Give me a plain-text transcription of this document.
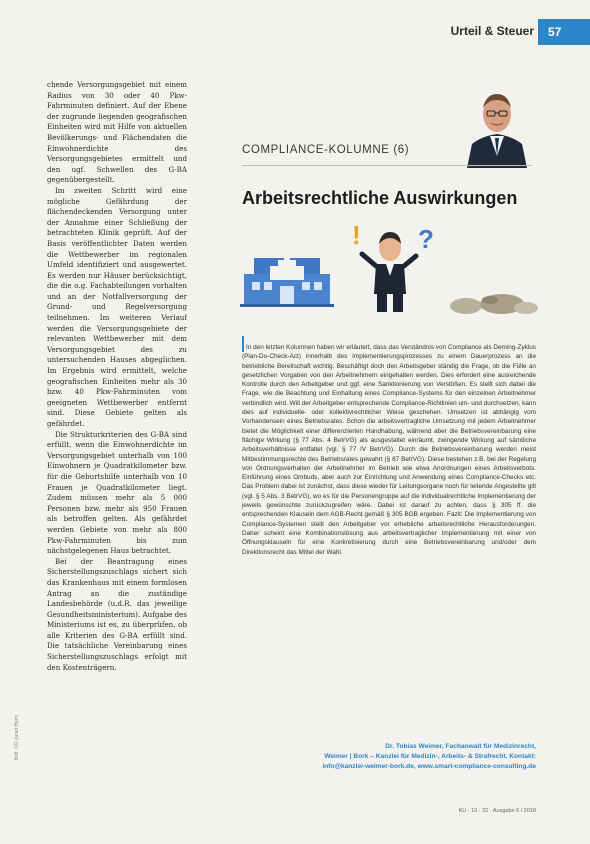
Urteil & Steuer 57

chende Versorgungsgebiet mit einem Radius von 30 oder 40 Pkw-Fahrminuten definiert. Auf der Ebene der zugrunde liegenden geografischen Einheiten wird mit Hilfe von aktuellen Bevölkerungs- und Flächendaten die Einwohnerdichte des Versorgungsgebietes ermittelt und den ugf. Schwellen des G-BA gegenübergestellt.

Im zweiten Schritt wird eine mögliche Gefährdung der flächendeckenden Versorgung unter der Annahme einer Schließung der betrachteten Klinik geprüft. Auf der Basis veröffentlichter Daten werden die Wettbewerber im regionalen Umfeld identifiziert und ausgewertet. Es werden nur Häuser berücksichtigt, die die o.g. Fachabteilungen vorhalten und an der Notfallversorgung der Grund- und Regelversorgung teilnehmen. Im weiteren Verlauf werden die Versorgungsgebiete der relevanten Wettbewerber mit dem Versorgungsgebiet des zu untersuchenden Hauses abgeglichen. Im Ergebnis wird ermittelt, welche geografischen Einheiten mehr als 30 bzw. 40 Pkw-Fahrminuten vom geeigneten Wettbewerber entfernt sind. Diese Gebiete gelten als gefährdet.

Die Strukturkriterien des G-BA sind erfüllt, wenn die Einwohnerdichte im Versorgungsgebiet unterhalb von 100 Einwohnern je Quadratkilometer bzw. für die Geburtshilfe unterhalb von 10 Frauen je Quadratkilometer liegt. Zudem müssen mehr als 5 000 Personen bzw. mehr als 950 Frauen als betroffen gelten. Als gefährdet werden Gebiete von mehr als 800 Pkw-Fahrminuten bis zum nächstgelegenen Haus betrachtet.

Bei der Beantragung eines Sicherstellungszuschlags sichert sich das Krankenhaus mit einem formlosen Antrag an die zuständige Landesbehörde (u.d.R. das jeweilige Gesundheitsministerium). Aufgabe des Ministeriums ist es, zu überprüfen, ob alle Kriterien des G-BA erfüllt sind. Die tatsächliche Vereinbarung eines Sicherstellungszuschlags erfolgt mit den Kostenträgern.

Bild: ©© Janet Heim
COMPLIANCE-KOLUMNE (6)
Arbeitsrechtliche Auswirkungen
! ?

In den letzten Kolumnen haben wir erläutert, dass das Verständnis von Compliance als Deming-Zyklus (Plan-Do-Check-Act) innerhalb des Implementierungsprozesses zu einem Dauerprozess an die betriebliche Bereitschaft wichtig. Beschäftigt doch den Arbeitsgeber ständig die Frage, ob die Fülle an gesetzlichen Vorgaben von den Arbeitnehmern eingehalten werden. Dies erfordert eine ausreichende Kontrolle durch den Arbeitgeber und ggf. eine Sanktionierung von Verstößen. Es stellt sich dabei die Frage, wie die Beachtung und Einhaltung eines Compliance-Systems für den einzelnen Arbeitnehmer verbindlich wird. Will der Arbeitgeber entsprechende Compliance-Richtlinien um- und durchsetzen, kann dies auf individuelle- oder kollektivrechtlicher Weise geschehen. Umsetzen ist abhängig vom Vorhandensein eines Betriebsrates. Schon die arbeitsvertragliche Umsetzung mit jedem Arbeitnehmer bietet die Möglichkeit einer differenzierten Handhabung, während aber die Betriebsvereinbarung eine flächige Wirkung (§ 77 Abs. 4 BetrVG) als ausgestaltet einräumt, zwingende Wirkung auf sämtliche Arbeitsverhältnisse entfaltet (vgl. § 77 IV BetrVG). Durch die Betriebsvereinbarung werden meist Mitbestimmungsrechte des Betriebsrates gewahrt (§ 87 BetrVG). Diese bestehen z.B. bei der Regelung von Ordnungsverhalten der Arbeitnehmer im Betrieb wie etwa Anordnungen eines Arbeitsverbots. Einführung eines Ombuds, aber auch zur Einrichtung und Anwendung eines Compliance-Checks etc. Das Problem dabei ist zunächst, dass diese wieder für Leitungsorgane noch für leitende Angestellte gilt (vgl. § 5 Abs. 3 BetrVG), wo es für die Personengruppe auf die individualrechtliche Implementierung der jeweils gewünschte zurückzugreifen wäre. Dabei ist darauf zu achten, dass § 305 ff. die entsprechenden Klauseln dem AGB-Recht gemäß § 305 BGB ergeben. Fazit: Die Implementierung von Compliance-Systemen stellt den Arbeitgeber vor erhebliche arbeitsrechtliche Herausforderungen. Daher scheint eine Kombinationslösung aus arbeitsvertraglicher Implementierung mit einer von Öffnungsklauseln für eine Konkretisierung durch eine Betriebsvereinbarung und/oder dem Direktionsrecht das Mittel der Wahl.

Dr. Tobias Weimer, Fachanwalt für Medizinrecht,
Weimer | Bork – Kanzlei für Medizin-, Arbeits- & Strafrecht, Kontakt:
info@kanzlei-weimer-bork.de, www.smart-compliance-consulting.de
KU · 10 · 32 · Ausgabe 6 / 2018
